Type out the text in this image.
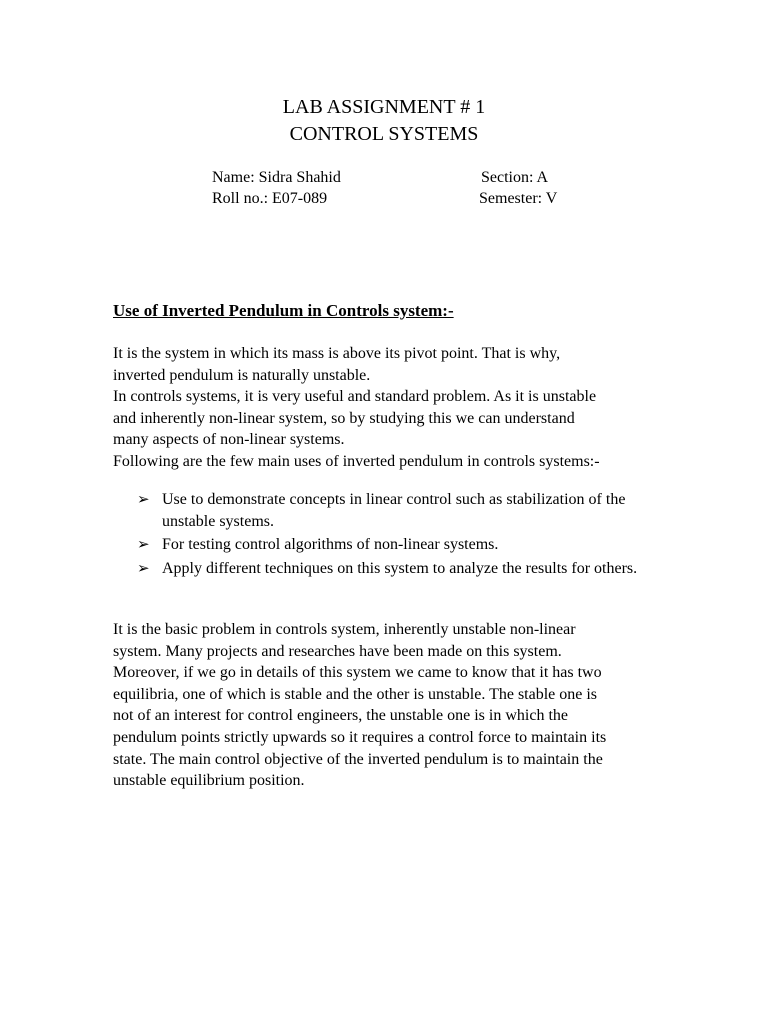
LAB ASSIGNMENT # 1
CONTROL SYSTEMS
Name: Sidra Shahid
Roll no.: E07-089
Section: A
Semester: V
Use of Inverted Pendulum in Controls system:-

It is the system in which its mass is above its pivot point. That is why,
inverted pendulum is naturally unstable.
In controls systems, it is very useful and standard problem. As it is unstable
and inherently non-linear system, so by studying this we can understand
many aspects of non-linear systems.
Following are the few main uses of inverted pendulum in controls systems:-

➢ Use to demonstrate concepts in linear control such as stabilization of the unstable systems.
➢ For testing control algorithms of non-linear systems.
➢ Apply different techniques on this system to analyze the results for others.

It is the basic problem in controls system, inherently unstable non-linear
system. Many projects and researches have been made on this system.
Moreover, if we go in details of this system we came to know that it has two
equilibria, one of which is stable and the other is unstable. The stable one is
not of an interest for control engineers, the unstable one is in which the
pendulum points strictly upwards so it requires a control force to maintain its
state. The main control objective of the inverted pendulum is to maintain the
unstable equilibrium position.
